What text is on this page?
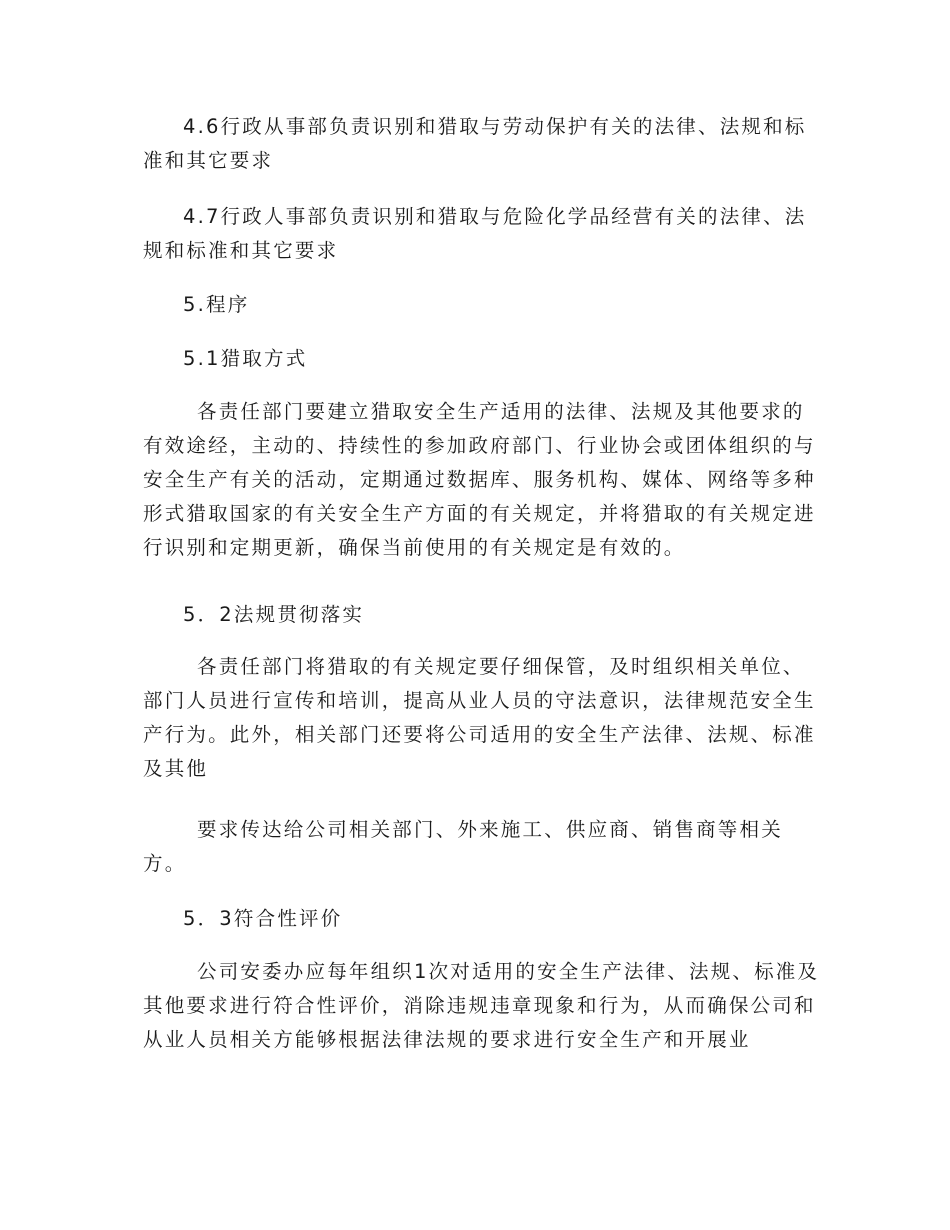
4.6行政从事部负责识别和猎取与劳动保护有关的法律、法规和标准和其它要求

4.7行政人事部负责识别和猎取与危险化学品经营有关的法律、法规和标准和其它要求

5.程序

5.1猎取方式

各责任部门要建立猎取安全生产适用的法律、法规及其他要求的有效途经，主动的、持续性的参加政府部门、行业协会或团体组织的与安全生产有关的活动，定期通过数据库、服务机构、媒体、网络等多种形式猎取国家的有关安全生产方面的有关规定，并将猎取的有关规定进行识别和定期更新，确保当前使用的有关规定是有效的。

5．2法规贯彻落实

各责任部门将猎取的有关规定要仔细保管，及时组织相关单位、部门人员进行宣传和培训，提高从业人员的守法意识，法律规范安全生产行为。此外，相关部门还要将公司适用的安全生产法律、法规、标准及其他

要求传达给公司相关部门、外来施工、供应商、销售商等相关方。

5．3符合性评价

公司安委办应每年组织1次对适用的安全生产法律、法规、标准及其他要求进行符合性评价，消除违规违章现象和行为，从而确保公司和从业人员相关方能够根据法律法规的要求进行安全生产和开展业
